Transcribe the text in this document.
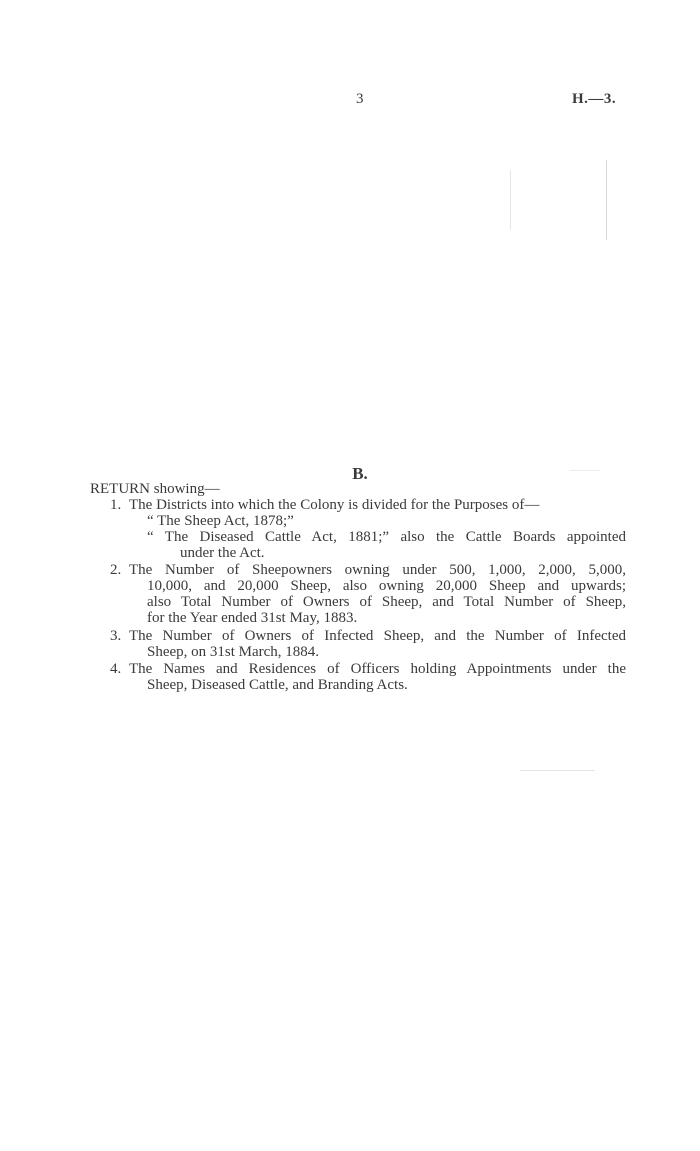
3	H.—3.
B.
RETURN showing—
1. The Districts into which the Colony is divided for the Purposes of—
“ The Sheep Act, 1878;”
“ The Diseased Cattle Act, 1881;” also the Cattle Boards appointed
under the Act.
2. The Number of Sheepowners owning under 500, 1,000, 2,000, 5,000,
10,000, and 20,000 Sheep, also owning 20,000 Sheep and upwards;
also Total Number of Owners of Sheep, and Total Number of Sheep,
for the Year ended 31st May, 1883.
3. The Number of Owners of Infected Sheep, and the Number of Infected
Sheep, on 31st March, 1884.
4. The Names and Residences of Officers holding Appointments under the
Sheep, Diseased Cattle, and Branding Acts.
